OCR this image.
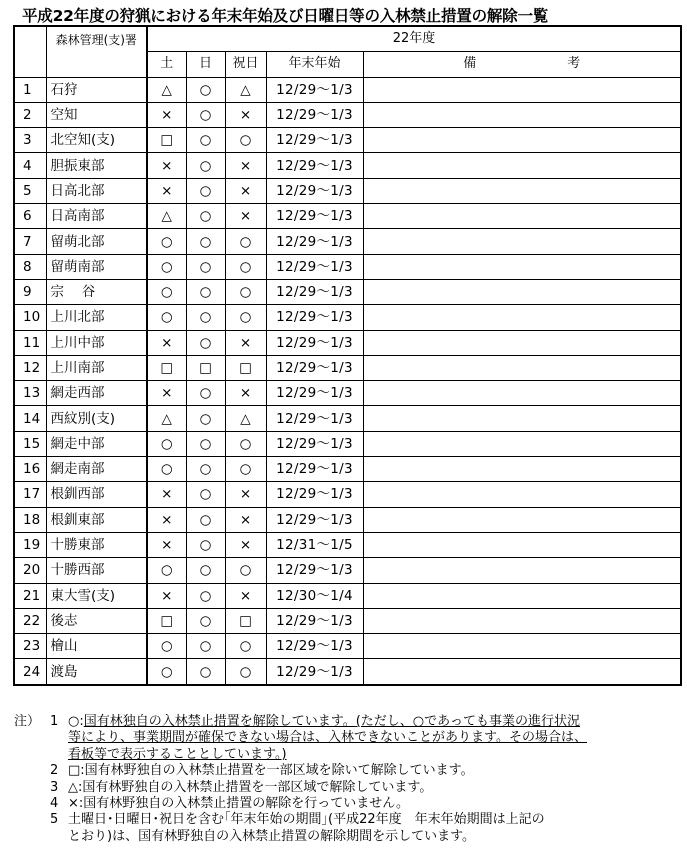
平成22年度の狩猟における年末年始及び日曜日等の入林禁止措置の解除一覧
	森林管理(支)署	22年度				
		土	日	祝日	年末年始	備　　　　　　　考
1	石狩	△	○	△	12/29～1/3	
2	空知	×	○	×	12/29～1/3	
3	北空知(支)	□	○	○	12/29～1/3	
4	胆振東部	×	○	×	12/29～1/3	
5	日高北部	×	○	×	12/29～1/3	
6	日高南部	△	○	×	12/29～1/3	
7	留萌北部	○	○	○	12/29～1/3	
8	留萌南部	○	○	○	12/29～1/3	
9	宗　 谷	○	○	○	12/29～1/3	
10	上川北部	○	○	○	12/29～1/3	
11	上川中部	×	○	×	12/29～1/3	
12	上川南部	□	□	□	12/29～1/3	
13	網走西部	×	○	×	12/29～1/3	
14	西紋別(支)	△	○	△	12/29～1/3	
15	網走中部	○	○	○	12/29～1/3	
16	網走南部	○	○	○	12/29～1/3	
17	根釧西部	×	○	×	12/29～1/3	
18	根釧東部	×	○	×	12/29～1/3	
19	十勝東部	×	○	×	12/31～1/5	
20	十勝西部	○	○	○	12/29～1/3	
21	東大雪(支)	×	○	×	12/30～1/4	
22	後志	□	○	□	12/29～1/3	
23	檜山	○	○	○	12/29～1/3	
24	渡島	○	○	○	12/29～1/3	
注） 1 ○:国有林独自の入林禁止措置を解除しています。(ただし、○であっても事業の進行状況
等により、事業期間が確保できない場合は、入林できないことがあります。その場合は、
看板等で表示することとしています。)
2 □:国有林野独自の入林禁止措置を一部区域を除いて解除しています。
3 △:国有林野独自の入林禁止措置を一部区域で解除しています。
4 ×:国有林野独自の入林禁止措置の解除を行っていません。
5 土曜日･日曜日･祝日を含む｢年末年始の期間｣(平成22年度　年末年始期間は上記の
とおり)は、国有林野独自の入林禁止措置の解除期間を示しています。
